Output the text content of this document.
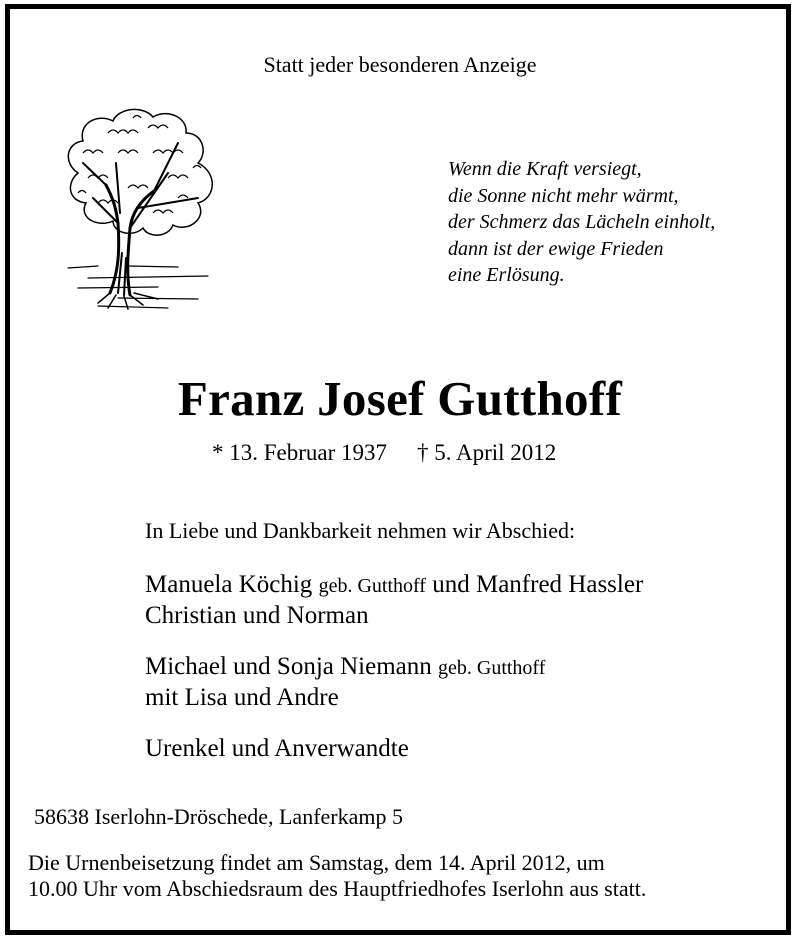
Statt jeder besonderen Anzeige
Wenn die Kraft versiegt,
die Sonne nicht mehr wärmt,
der Schmerz das Lächeln einholt,
dann ist der ewige Frieden
eine Erlösung.
Franz Josef Gutthoff
* 13. Februar 1937 † 5. April 2012
In Liebe und Dankbarkeit nehmen wir Abschied:
Manuela Köchig geb. Gutthoff und Manfred Hassler
Christian und Norman
Michael und Sonja Niemann geb. Gutthoff
mit Lisa und Andre
Urenkel und Anverwandte
58638 Iserlohn-Dröschede, Lanferkamp 5
Die Urnenbeisetzung findet am Samstag, dem 14. April 2012, um
10.00 Uhr vom Abschiedsraum des Hauptfriedhofes Iserlohn aus statt.
